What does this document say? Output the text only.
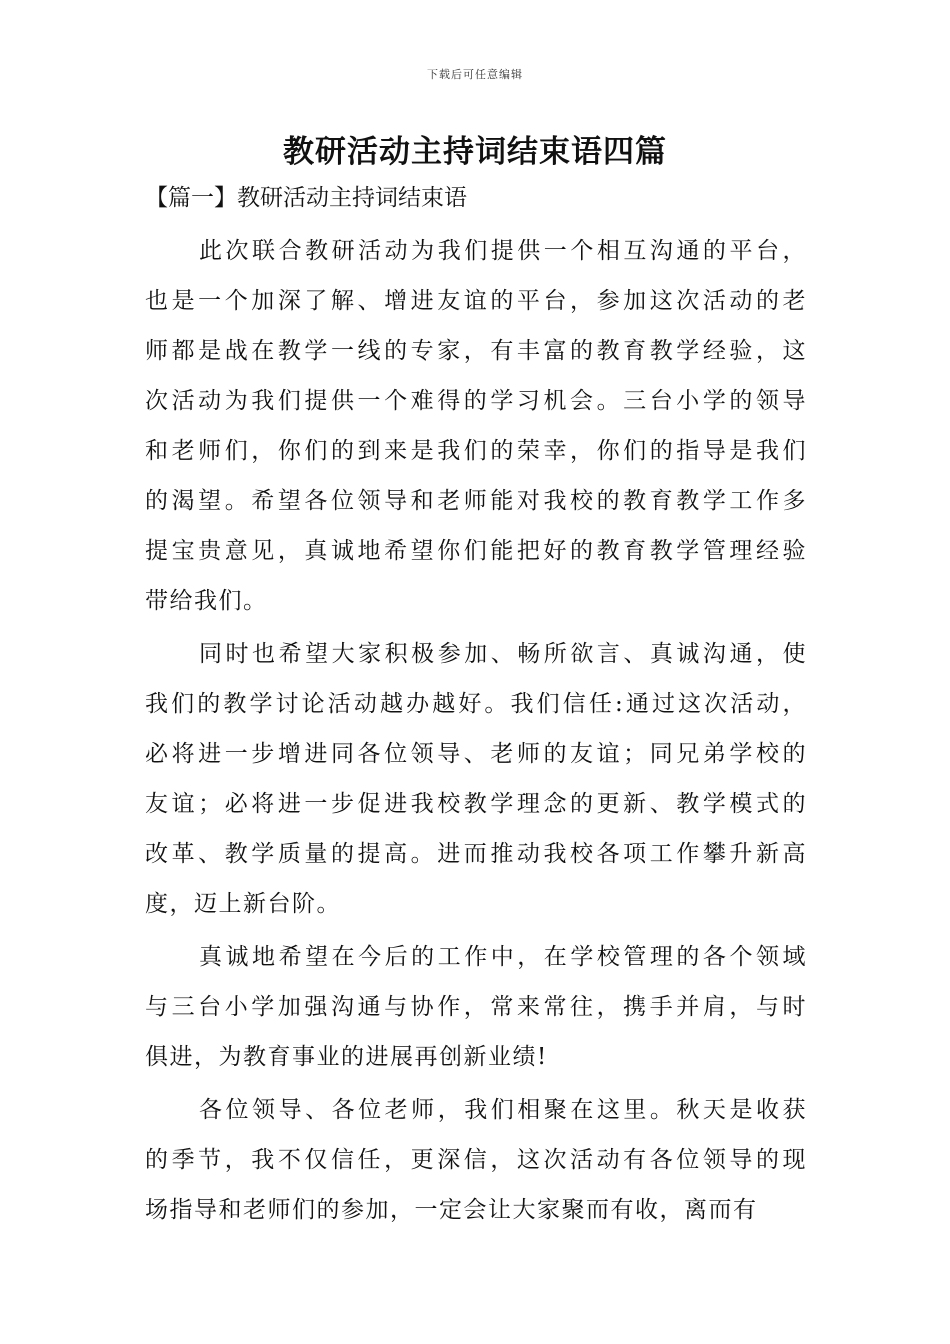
下载后可任意编辑
教研活动主持词结束语四篇
【篇一】教研活动主持词结束语
此次联合教研活动为我们提供一个相互沟通的平台，
也是一个加深了解、增进友谊的平台，参加这次活动的老
师都是战在教学一线的专家，有丰富的教育教学经验，这
次活动为我们提供一个难得的学习机会。三台小学的领导
和老师们，你们的到来是我们的荣幸，你们的指导是我们
的渴望。希望各位领导和老师能对我校的教育教学工作多
提宝贵意见，真诚地希望你们能把好的教育教学管理经验
带给我们。
同时也希望大家积极参加、畅所欲言、真诚沟通，使
我们的教学讨论活动越办越好。我们信任:通过这次活动，
必将进一步增进同各位领导、老师的友谊；同兄弟学校的
友谊；必将进一步促进我校教学理念的更新、教学模式的
改革、教学质量的提高。进而推动我校各项工作攀升新高
度，迈上新台阶。
真诚地希望在今后的工作中，在学校管理的各个领域
与三台小学加强沟通与协作，常来常往，携手并肩，与时
俱进，为教育事业的进展再创新业绩!
各位领导、各位老师，我们相聚在这里。秋天是收获
的季节，我不仅信任，更深信，这次活动有各位领导的现
场指导和老师们的参加，一定会让大家聚而有收，离而有
